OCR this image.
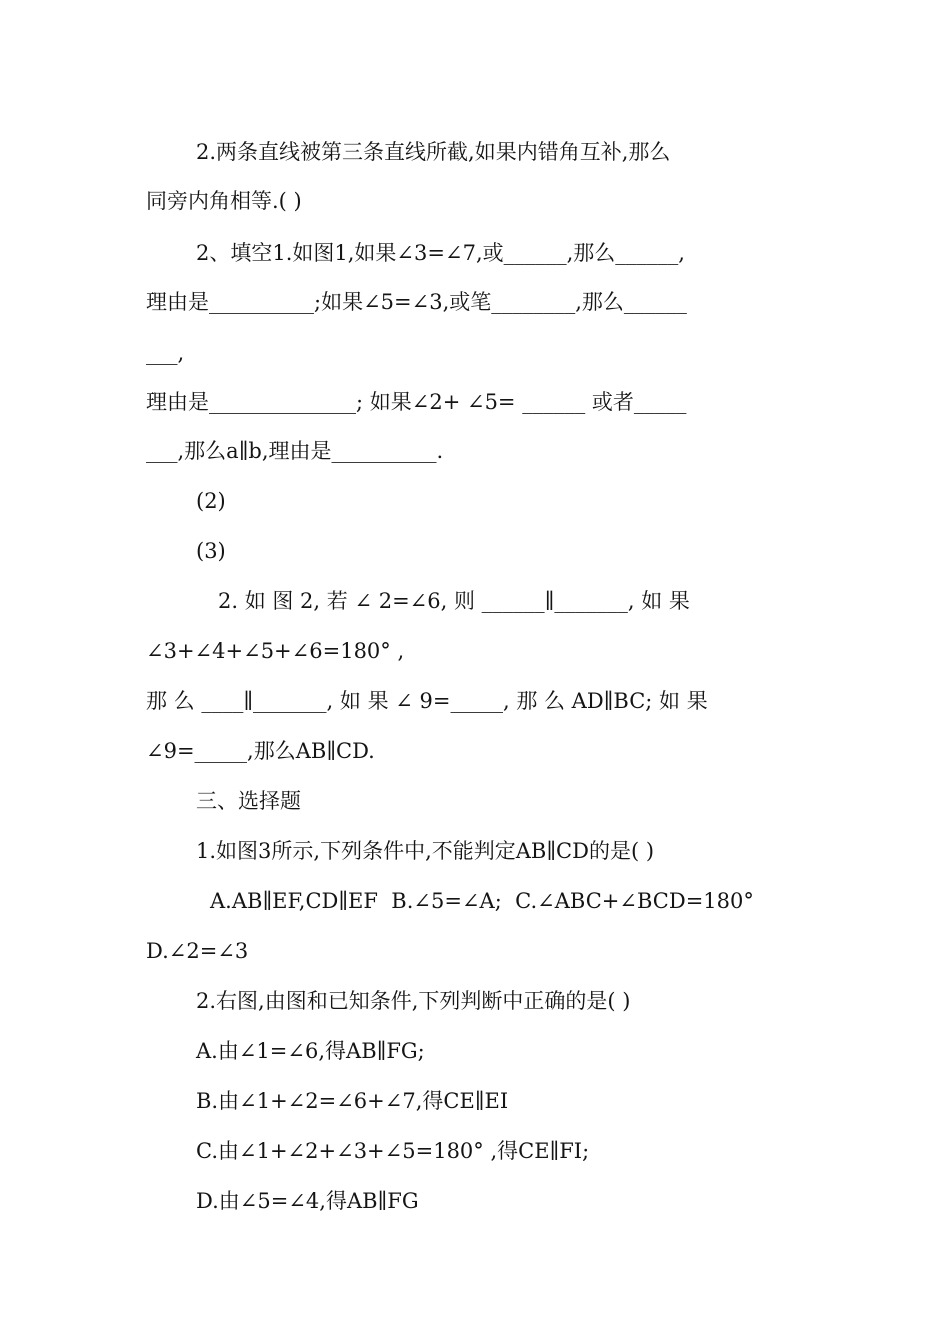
2.两条直线被第三条直线所截,如果内错角互补,那么
同旁内角相等.( )
2、填空1.如图1,如果∠3=∠7,或______,那么______,
理由是__________;如果∠5=∠3,或笔________,那么______
___,
理由是______________; 如果∠2+ ∠5= ______ 或者_____
___,那么a∥b,理由是__________.
(2)
(3)
2. 如 图 2, 若 ∠ 2=∠6, 则 ______∥_______, 如 果
∠3+∠4+∠5+∠6=180° ,
那 么 ____∥_______, 如 果 ∠ 9=_____, 那 么 AD∥BC; 如 果
∠9=_____,那么AB∥CD.
三、选择题
1.如图3所示,下列条件中,不能判定AB∥CD的是( )
A.AB∥EF,CD∥EF  B.∠5=∠A;  C.∠ABC+∠BCD=180°
D.∠2=∠3
2.右图,由图和已知条件,下列判断中正确的是( )
A.由∠1=∠6,得AB∥FG;
B.由∠1+∠2=∠6+∠7,得CE∥EI
C.由∠1+∠2+∠3+∠5=180° ,得CE∥FI;
D.由∠5=∠4,得AB∥FG
